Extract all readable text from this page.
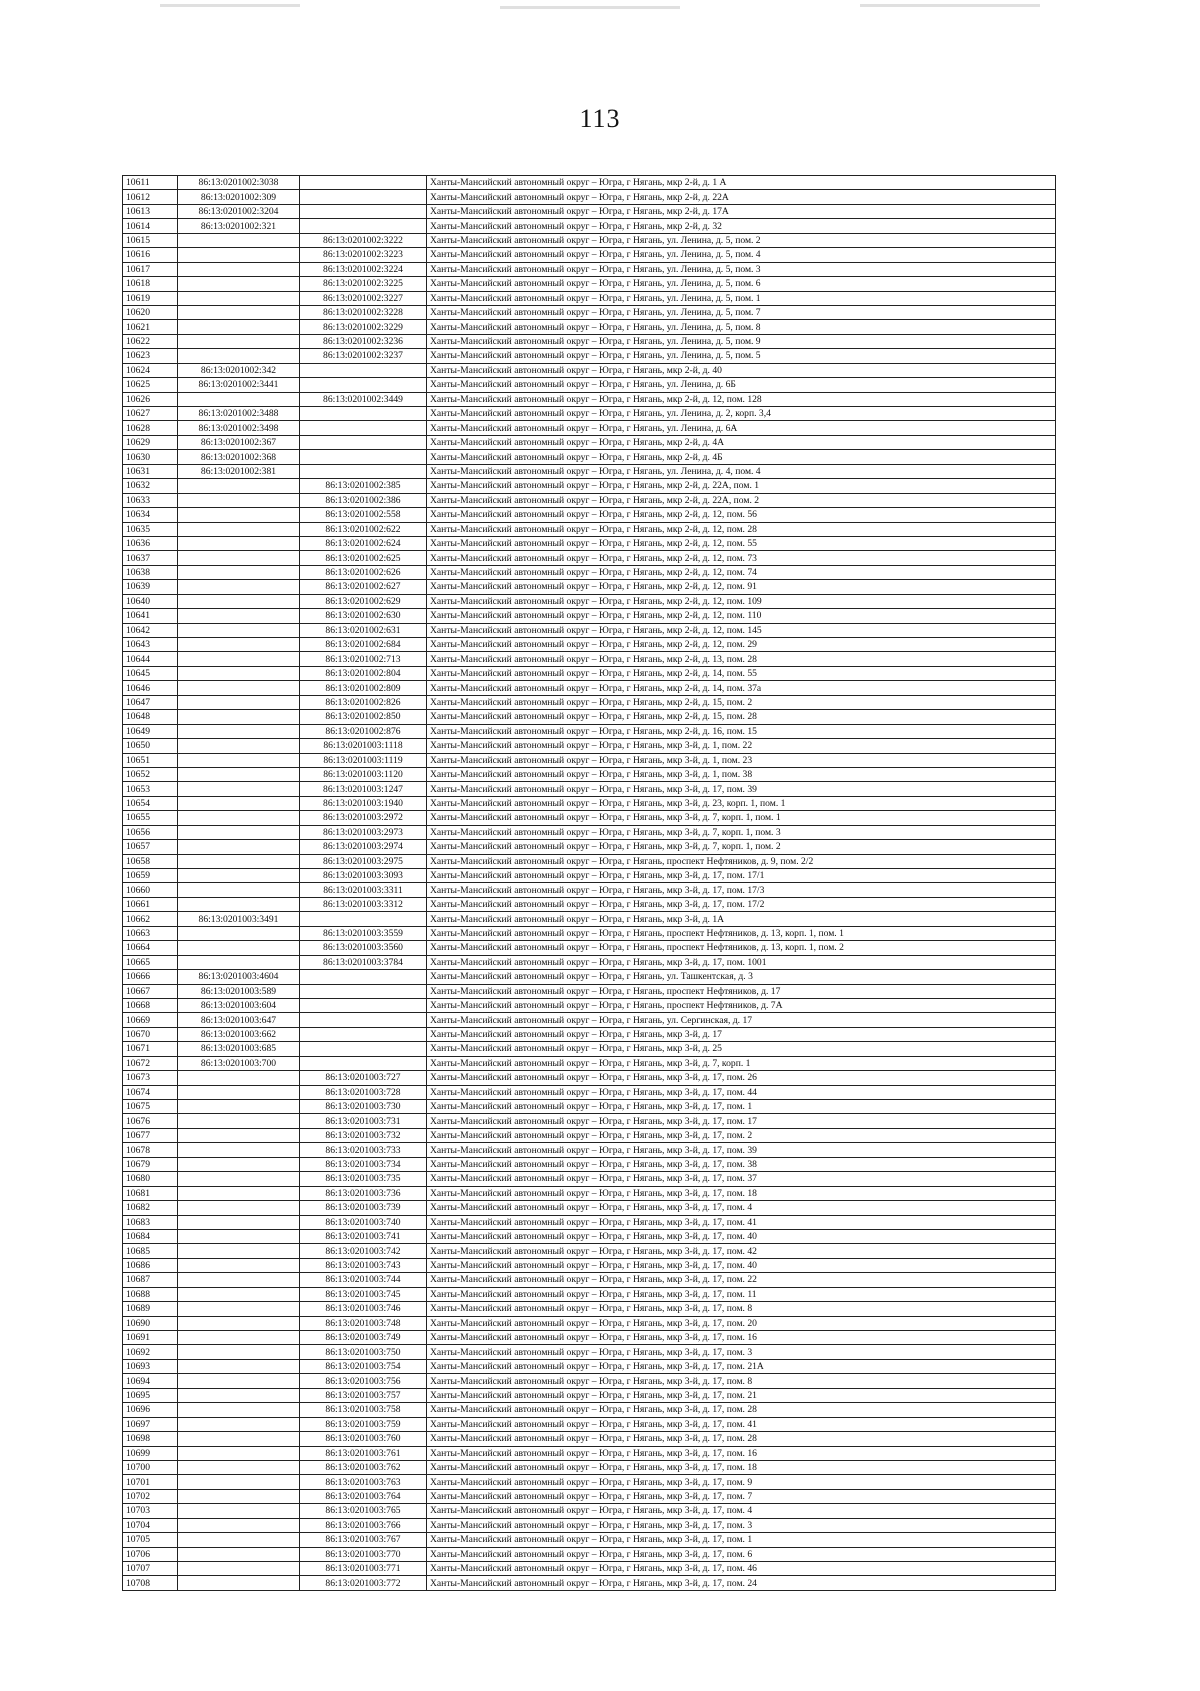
113
10611	86:13:0201002:3038		Ханты-Мансийский автономный округ – Югра, г Нягань, мкр 2-й, д. 1 А
10612	86:13:0201002:309		Ханты-Мансийский автономный округ – Югра, г Нягань, мкр 2-й, д. 22А
10613	86:13:0201002:3204		Ханты-Мансийский автономный округ – Югра, г Нягань, мкр 2-й, д. 17А
10614	86:13:0201002:321		Ханты-Мансийский автономный округ – Югра, г Нягань, мкр 2-й, д. 32
10615		86:13:0201002:3222	Ханты-Мансийский автономный округ – Югра, г Нягань, ул. Ленина, д. 5, пом. 2
10616		86:13:0201002:3223	Ханты-Мансийский автономный округ – Югра, г Нягань, ул. Ленина, д. 5, пом. 4
10617		86:13:0201002:3224	Ханты-Мансийский автономный округ – Югра, г Нягань, ул. Ленина, д. 5, пом. 3
10618		86:13:0201002:3225	Ханты-Мансийский автономный округ – Югра, г Нягань, ул. Ленина, д. 5, пом. 6
10619		86:13:0201002:3227	Ханты-Мансийский автономный округ – Югра, г Нягань, ул. Ленина, д. 5, пом. 1
10620		86:13:0201002:3228	Ханты-Мансийский автономный округ – Югра, г Нягань, ул. Ленина, д. 5, пом. 7
10621		86:13:0201002:3229	Ханты-Мансийский автономный округ – Югра, г Нягань, ул. Ленина, д. 5, пом. 8
10622		86:13:0201002:3236	Ханты-Мансийский автономный округ – Югра, г Нягань, ул. Ленина, д. 5, пом. 9
10623		86:13:0201002:3237	Ханты-Мансийский автономный округ – Югра, г Нягань, ул. Ленина, д. 5, пом. 5
10624	86:13:0201002:342		Ханты-Мансийский автономный округ – Югра, г Нягань, мкр 2-й, д. 40
10625	86:13:0201002:3441		Ханты-Мансийский автономный округ – Югра, г Нягань, ул. Ленина, д. 6Б
10626		86:13:0201002:3449	Ханты-Мансийский автономный округ – Югра, г Нягань, мкр 2-й, д. 12, пом. 128
10627	86:13:0201002:3488		Ханты-Мансийский автономный округ – Югра, г Нягань, ул. Ленина, д. 2, корп. 3,4
10628	86:13:0201002:3498		Ханты-Мансийский автономный округ – Югра, г Нягань, ул. Ленина, д. 6А
10629	86:13:0201002:367		Ханты-Мансийский автономный округ – Югра, г Нягань, мкр 2-й, д. 4А
10630	86:13:0201002:368		Ханты-Мансийский автономный округ – Югра, г Нягань, мкр 2-й, д. 4Б
10631	86:13:0201002:381		Ханты-Мансийский автономный округ – Югра, г Нягань, ул. Ленина, д. 4, пом. 4
10632		86:13:0201002:385	Ханты-Мансийский автономный округ – Югра, г Нягань, мкр 2-й, д. 22А, пом. 1
10633		86:13:0201002:386	Ханты-Мансийский автономный округ – Югра, г Нягань, мкр 2-й, д. 22А, пом. 2
10634		86:13:0201002:558	Ханты-Мансийский автономный округ – Югра, г Нягань, мкр 2-й, д. 12, пом. 56
10635		86:13:0201002:622	Ханты-Мансийский автономный округ – Югра, г Нягань, мкр 2-й, д. 12, пом. 28
10636		86:13:0201002:624	Ханты-Мансийский автономный округ – Югра, г Нягань, мкр 2-й, д. 12, пом. 55
10637		86:13:0201002:625	Ханты-Мансийский автономный округ – Югра, г Нягань, мкр 2-й, д. 12, пом. 73
10638		86:13:0201002:626	Ханты-Мансийский автономный округ – Югра, г Нягань, мкр 2-й, д. 12, пом. 74
10639		86:13:0201002:627	Ханты-Мансийский автономный округ – Югра, г Нягань, мкр 2-й, д. 12, пом. 91
10640		86:13:0201002:629	Ханты-Мансийский автономный округ – Югра, г Нягань, мкр 2-й, д. 12, пом. 109
10641		86:13:0201002:630	Ханты-Мансийский автономный округ – Югра, г Нягань, мкр 2-й, д. 12, пом. 110
10642		86:13:0201002:631	Ханты-Мансийский автономный округ – Югра, г Нягань, мкр 2-й, д. 12, пом. 145
10643		86:13:0201002:684	Ханты-Мансийский автономный округ – Югра, г Нягань, мкр 2-й, д. 12, пом. 29
10644		86:13:0201002:713	Ханты-Мансийский автономный округ – Югра, г Нягань, мкр 2-й, д. 13, пом. 28
10645		86:13:0201002:804	Ханты-Мансийский автономный округ – Югра, г Нягань, мкр 2-й, д. 14, пом. 55
10646		86:13:0201002:809	Ханты-Мансийский автономный округ – Югра, г Нягань, мкр 2-й, д. 14, пом. 37а
10647		86:13:0201002:826	Ханты-Мансийский автономный округ – Югра, г Нягань, мкр 2-й, д. 15, пом. 2
10648		86:13:0201002:850	Ханты-Мансийский автономный округ – Югра, г Нягань, мкр 2-й, д. 15, пом. 28
10649		86:13:0201002:876	Ханты-Мансийский автономный округ – Югра, г Нягань, мкр 2-й, д. 16, пом. 15
10650		86:13:0201003:1118	Ханты-Мансийский автономный округ – Югра, г Нягань, мкр 3-й, д. 1, пом. 22
10651		86:13:0201003:1119	Ханты-Мансийский автономный округ – Югра, г Нягань, мкр 3-й, д. 1, пом. 23
10652		86:13:0201003:1120	Ханты-Мансийский автономный округ – Югра, г Нягань, мкр 3-й, д. 1, пом. 38
10653		86:13:0201003:1247	Ханты-Мансийский автономный округ – Югра, г Нягань, мкр 3-й, д. 17, пом. 39
10654		86:13:0201003:1940	Ханты-Мансийский автономный округ – Югра, г Нягань, мкр 3-й, д. 23, корп. 1, пом. 1
10655		86:13:0201003:2972	Ханты-Мансийский автономный округ – Югра, г Нягань, мкр 3-й, д. 7, корп. 1, пом. 1
10656		86:13:0201003:2973	Ханты-Мансийский автономный округ – Югра, г Нягань, мкр 3-й, д. 7, корп. 1, пом. 3
10657		86:13:0201003:2974	Ханты-Мансийский автономный округ – Югра, г Нягань, мкр 3-й, д. 7, корп. 1, пом. 2
10658		86:13:0201003:2975	Ханты-Мансийский автономный округ – Югра, г Нягань, проспект Нефтяников, д. 9, пом. 2/2
10659		86:13:0201003:3093	Ханты-Мансийский автономный округ – Югра, г Нягань, мкр 3-й, д. 17, пом. 17/1
10660		86:13:0201003:3311	Ханты-Мансийский автономный округ – Югра, г Нягань, мкр 3-й, д. 17, пом. 17/3
10661		86:13:0201003:3312	Ханты-Мансийский автономный округ – Югра, г Нягань, мкр 3-й, д. 17, пом. 17/2
10662	86:13:0201003:3491		Ханты-Мансийский автономный округ – Югра, г Нягань, мкр 3-й, д. 1А
10663		86:13:0201003:3559	Ханты-Мансийский автономный округ – Югра, г Нягань, проспект Нефтяников, д. 13, корп. 1, пом. 1
10664		86:13:0201003:3560	Ханты-Мансийский автономный округ – Югра, г Нягань, проспект Нефтяников, д. 13, корп. 1, пом. 2
10665		86:13:0201003:3784	Ханты-Мансийский автономный округ – Югра, г Нягань, мкр 3-й, д. 17, пом. 1001
10666	86:13:0201003:4604		Ханты-Мансийский автономный округ – Югра, г Нягань, ул. Ташкентская, д. 3
10667	86:13:0201003:589		Ханты-Мансийский автономный округ – Югра, г Нягань, проспект Нефтяников, д. 17
10668	86:13:0201003:604		Ханты-Мансийский автономный округ – Югра, г Нягань, проспект Нефтяников, д. 7А
10669	86:13:0201003:647		Ханты-Мансийский автономный округ – Югра, г Нягань, ул. Сергинская, д. 17
10670	86:13:0201003:662		Ханты-Мансийский автономный округ – Югра, г Нягань, мкр 3-й, д. 17
10671	86:13:0201003:685		Ханты-Мансийский автономный округ – Югра, г Нягань, мкр 3-й, д. 25
10672	86:13:0201003:700		Ханты-Мансийский автономный округ – Югра, г Нягань, мкр 3-й, д. 7, корп. 1
10673		86:13:0201003:727	Ханты-Мансийский автономный округ – Югра, г Нягань, мкр 3-й, д. 17, пом. 26
10674		86:13:0201003:728	Ханты-Мансийский автономный округ – Югра, г Нягань, мкр 3-й, д. 17, пом. 44
10675		86:13:0201003:730	Ханты-Мансийский автономный округ – Югра, г Нягань, мкр 3-й, д. 17, пом. 1
10676		86:13:0201003:731	Ханты-Мансийский автономный округ – Югра, г Нягань, мкр 3-й, д. 17, пом. 17
10677		86:13:0201003:732	Ханты-Мансийский автономный округ – Югра, г Нягань, мкр 3-й, д. 17, пом. 2
10678		86:13:0201003:733	Ханты-Мансийский автономный округ – Югра, г Нягань, мкр 3-й, д. 17, пом. 39
10679		86:13:0201003:734	Ханты-Мансийский автономный округ – Югра, г Нягань, мкр 3-й, д. 17, пом. 38
10680		86:13:0201003:735	Ханты-Мансийский автономный округ – Югра, г Нягань, мкр 3-й, д. 17, пом. 37
10681		86:13:0201003:736	Ханты-Мансийский автономный округ – Югра, г Нягань, мкр 3-й, д. 17, пом. 18
10682		86:13:0201003:739	Ханты-Мансийский автономный округ – Югра, г Нягань, мкр 3-й, д. 17, пом. 4
10683		86:13:0201003:740	Ханты-Мансийский автономный округ – Югра, г Нягань, мкр 3-й, д. 17, пом. 41
10684		86:13:0201003:741	Ханты-Мансийский автономный округ – Югра, г Нягань, мкр 3-й, д. 17, пом. 40
10685		86:13:0201003:742	Ханты-Мансийский автономный округ – Югра, г Нягань, мкр 3-й, д. 17, пом. 42
10686		86:13:0201003:743	Ханты-Мансийский автономный округ – Югра, г Нягань, мкр 3-й, д. 17, пом. 40
10687		86:13:0201003:744	Ханты-Мансийский автономный округ – Югра, г Нягань, мкр 3-й, д. 17, пом. 22
10688		86:13:0201003:745	Ханты-Мансийский автономный округ – Югра, г Нягань, мкр 3-й, д. 17, пом. 11
10689		86:13:0201003:746	Ханты-Мансийский автономный округ – Югра, г Нягань, мкр 3-й, д. 17, пом. 8
10690		86:13:0201003:748	Ханты-Мансийский автономный округ – Югра, г Нягань, мкр 3-й, д. 17, пом. 20
10691		86:13:0201003:749	Ханты-Мансийский автономный округ – Югра, г Нягань, мкр 3-й, д. 17, пом. 16
10692		86:13:0201003:750	Ханты-Мансийский автономный округ – Югра, г Нягань, мкр 3-й, д. 17, пом. 3
10693		86:13:0201003:754	Ханты-Мансийский автономный округ – Югра, г Нягань, мкр 3-й, д. 17, пом. 21А
10694		86:13:0201003:756	Ханты-Мансийский автономный округ – Югра, г Нягань, мкр 3-й, д. 17, пом. 8
10695		86:13:0201003:757	Ханты-Мансийский автономный округ – Югра, г Нягань, мкр 3-й, д. 17, пом. 21
10696		86:13:0201003:758	Ханты-Мансийский автономный округ – Югра, г Нягань, мкр 3-й, д. 17, пом. 28
10697		86:13:0201003:759	Ханты-Мансийский автономный округ – Югра, г Нягань, мкр 3-й, д. 17, пом. 41
10698		86:13:0201003:760	Ханты-Мансийский автономный округ – Югра, г Нягань, мкр 3-й, д. 17, пом. 28
10699		86:13:0201003:761	Ханты-Мансийский автономный округ – Югра, г Нягань, мкр 3-й, д. 17, пом. 16
10700		86:13:0201003:762	Ханты-Мансийский автономный округ – Югра, г Нягань, мкр 3-й, д. 17, пом. 18
10701		86:13:0201003:763	Ханты-Мансийский автономный округ – Югра, г Нягань, мкр 3-й, д. 17, пом. 9
10702		86:13:0201003:764	Ханты-Мансийский автономный округ – Югра, г Нягань, мкр 3-й, д. 17, пом. 7
10703		86:13:0201003:765	Ханты-Мансийский автономный округ – Югра, г Нягань, мкр 3-й, д. 17, пом. 4
10704		86:13:0201003:766	Ханты-Мансийский автономный округ – Югра, г Нягань, мкр 3-й, д. 17, пом. 3
10705		86:13:0201003:767	Ханты-Мансийский автономный округ – Югра, г Нягань, мкр 3-й, д. 17, пом. 1
10706		86:13:0201003:770	Ханты-Мансийский автономный округ – Югра, г Нягань, мкр 3-й, д. 17, пом. 6
10707		86:13:0201003:771	Ханты-Мансийский автономный округ – Югра, г Нягань, мкр 3-й, д. 17, пом. 46
10708		86:13:0201003:772	Ханты-Мансийский автономный округ – Югра, г Нягань, мкр 3-й, д. 17, пом. 24
